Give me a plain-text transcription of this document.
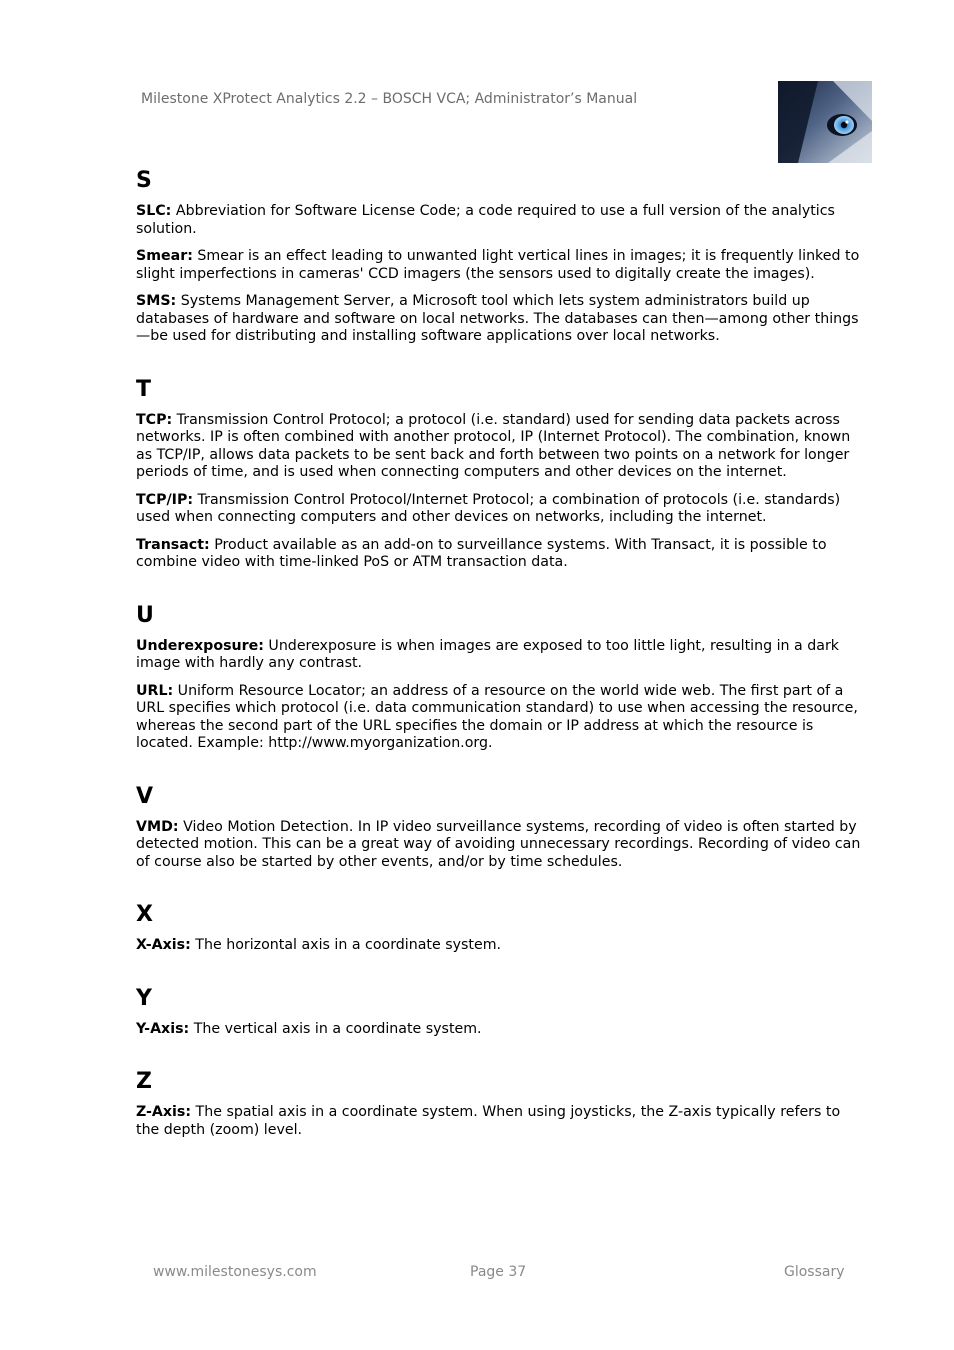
Milestone XProtect Analytics 2.2 – BOSCH VCA; Administrator’s Manual
S

SLC: Abbreviation for Software License Code; a code required to use a full version of the analytics solution.

Smear: Smear is an effect leading to unwanted light vertical lines in images; it is frequently linked to slight imperfections in cameras' CCD imagers (the sensors used to digitally create the images).

SMS: Systems Management Server, a Microsoft tool which lets system administrators build up databases of hardware and software on local networks. The databases can then—among other things—be used for distributing and installing software applications over local networks.

T

TCP: Transmission Control Protocol; a protocol (i.e. standard) used for sending data packets across networks. IP is often combined with another protocol, IP (Internet Protocol). The combination, known as TCP/IP, allows data packets to be sent back and forth between two points on a network for longer periods of time, and is used when connecting computers and other devices on the internet.

TCP/IP: Transmission Control Protocol/Internet Protocol; a combination of protocols (i.e. standards) used when connecting computers and other devices on networks, including the internet.

Transact: Product available as an add-on to surveillance systems. With Transact, it is possible to combine video with time-linked PoS or ATM transaction data.

U

Underexposure: Underexposure is when images are exposed to too little light, resulting in a dark image with hardly any contrast.

URL: Uniform Resource Locator; an address of a resource on the world wide web. The first part of a URL specifies which protocol (i.e. data communication standard) to use when accessing the resource, whereas the second part of the URL specifies the domain or IP address at which the resource is located. Example: http://www.myorganization.org.

V

VMD: Video Motion Detection. In IP video surveillance systems, recording of video is often started by detected motion. This can be a great way of avoiding unnecessary recordings. Recording of video can of course also be started by other events, and/or by time schedules.

X

X-Axis: The horizontal axis in a coordinate system.

Y

Y-Axis: The vertical axis in a coordinate system.

Z

Z-Axis: The spatial axis in a coordinate system. When using joysticks, the Z-axis typically refers to the depth (zoom) level.

www.milestonesys.com	Page 37	Glossary
